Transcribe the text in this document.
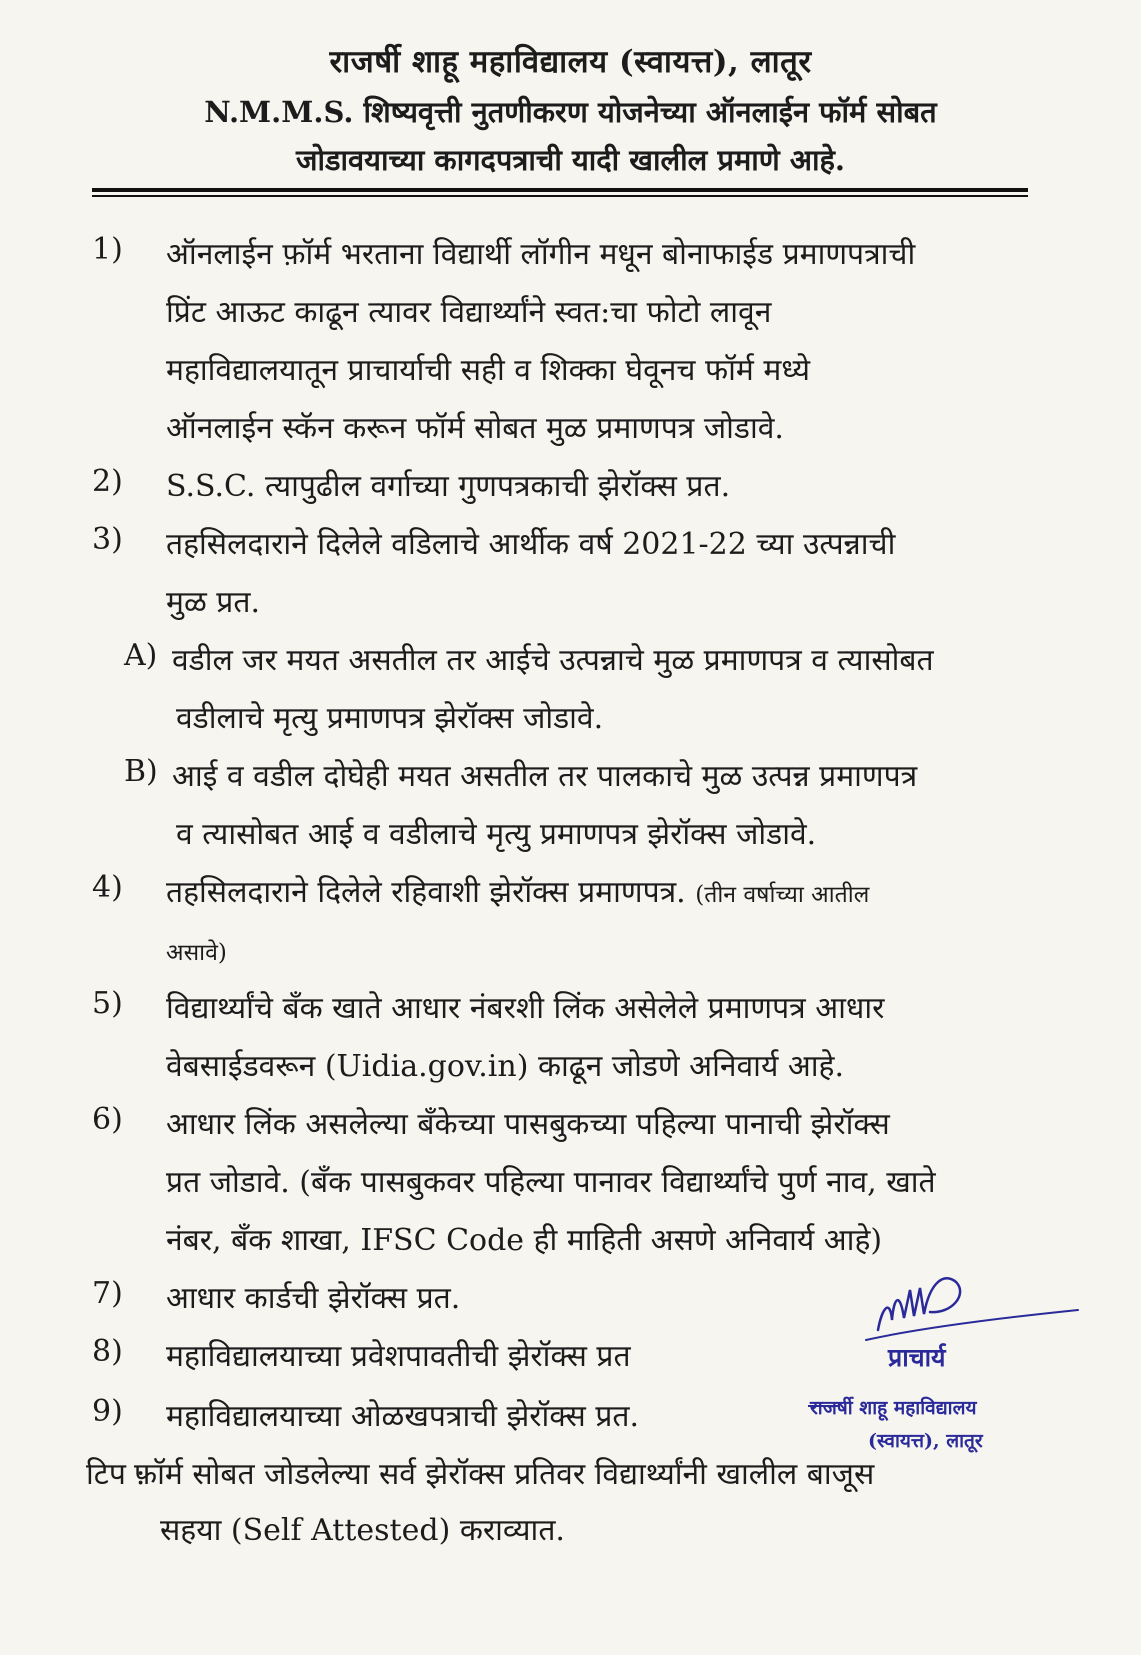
राजर्षी शाहू महाविद्यालय (स्वायत्त), लातूर
N.M.M.S. शिष्यवृत्ती नुतणीकरण योजनेच्या ऑनलाईन फॉर्म सोबत
जोडावयाच्या कागदपत्राची यादी खालील प्रमाणे आहे.
1) ऑनलाईन फ़ॉर्म भरताना विद्यार्थी लॉगीन मधून बोनाफाईड प्रमाणपत्राची
प्रिंट आऊट काढून त्यावर विद्यार्थ्यांने स्वत:चा फोटो लावून
महाविद्यालयातून प्राचार्याची सही व शिक्का घेवूनच फॉर्म मध्ये
ऑनलाईन स्कॅन करून फॉर्म सोबत मुळ प्रमाणपत्र जोडावे.
2) S.S.C. त्यापुढील वर्गाच्या गुणपत्रकाची झेरॉक्स प्रत.
3) तहसिलदाराने दिलेले वडिलाचे आर्थीक वर्ष 2021-22 च्या उत्पन्नाची
मुळ प्रत.
A) वडील जर मयत असतील तर आईचे उत्पन्नाचे मुळ प्रमाणपत्र व त्यासोबत
वडीलाचे मृत्यु प्रमाणपत्र झेरॉक्स जोडावे.
B) आई व वडील दोघेही मयत असतील तर पालकाचे मुळ उत्पन्न प्रमाणपत्र
व त्यासोबत आई व वडीलाचे मृत्यु प्रमाणपत्र झेरॉक्स जोडावे.
4) तहसिलदाराने दिलेले रहिवाशी झेरॉक्स प्रमाणपत्र. (तीन वर्षाच्या आतील
असावे)
5) विद्यार्थ्यांचे बँक खाते आधार नंबरशी लिंक असेलेले प्रमाणपत्र आधार
वेबसाईडवरून (Uidia.gov.in) काढून जोडणे अनिवार्य आहे.
6) आधार लिंक असलेल्या बँकेच्या पासबुकच्या पहिल्या पानाची झेरॉक्स
प्रत जोडावे. (बँक पासबुकवर पहिल्या पानावर विद्यार्थ्यांचे पुर्ण नाव, खाते
नंबर, बँक शाखा, IFSC Code ही माहिती असणे अनिवार्य आहे)
7) आधार कार्डची झेरॉक्स प्रत.
8) महाविद्यालयाच्या प्रवेशपावतीची झेरॉक्स प्रत
9) महाविद्यालयाच्या ओळखपत्राची झेरॉक्स प्रत.
टिप :
फॉर्म सोबत जोडलेल्या सर्व झेरॉक्स प्रतिवर विद्यार्थ्यांनी खालील बाजूस
सहया (Self Attested) कराव्यात.
प्राचार्य
राजर्षी शाहू महाविद्यालय
(स्वायत्त), लातूर
